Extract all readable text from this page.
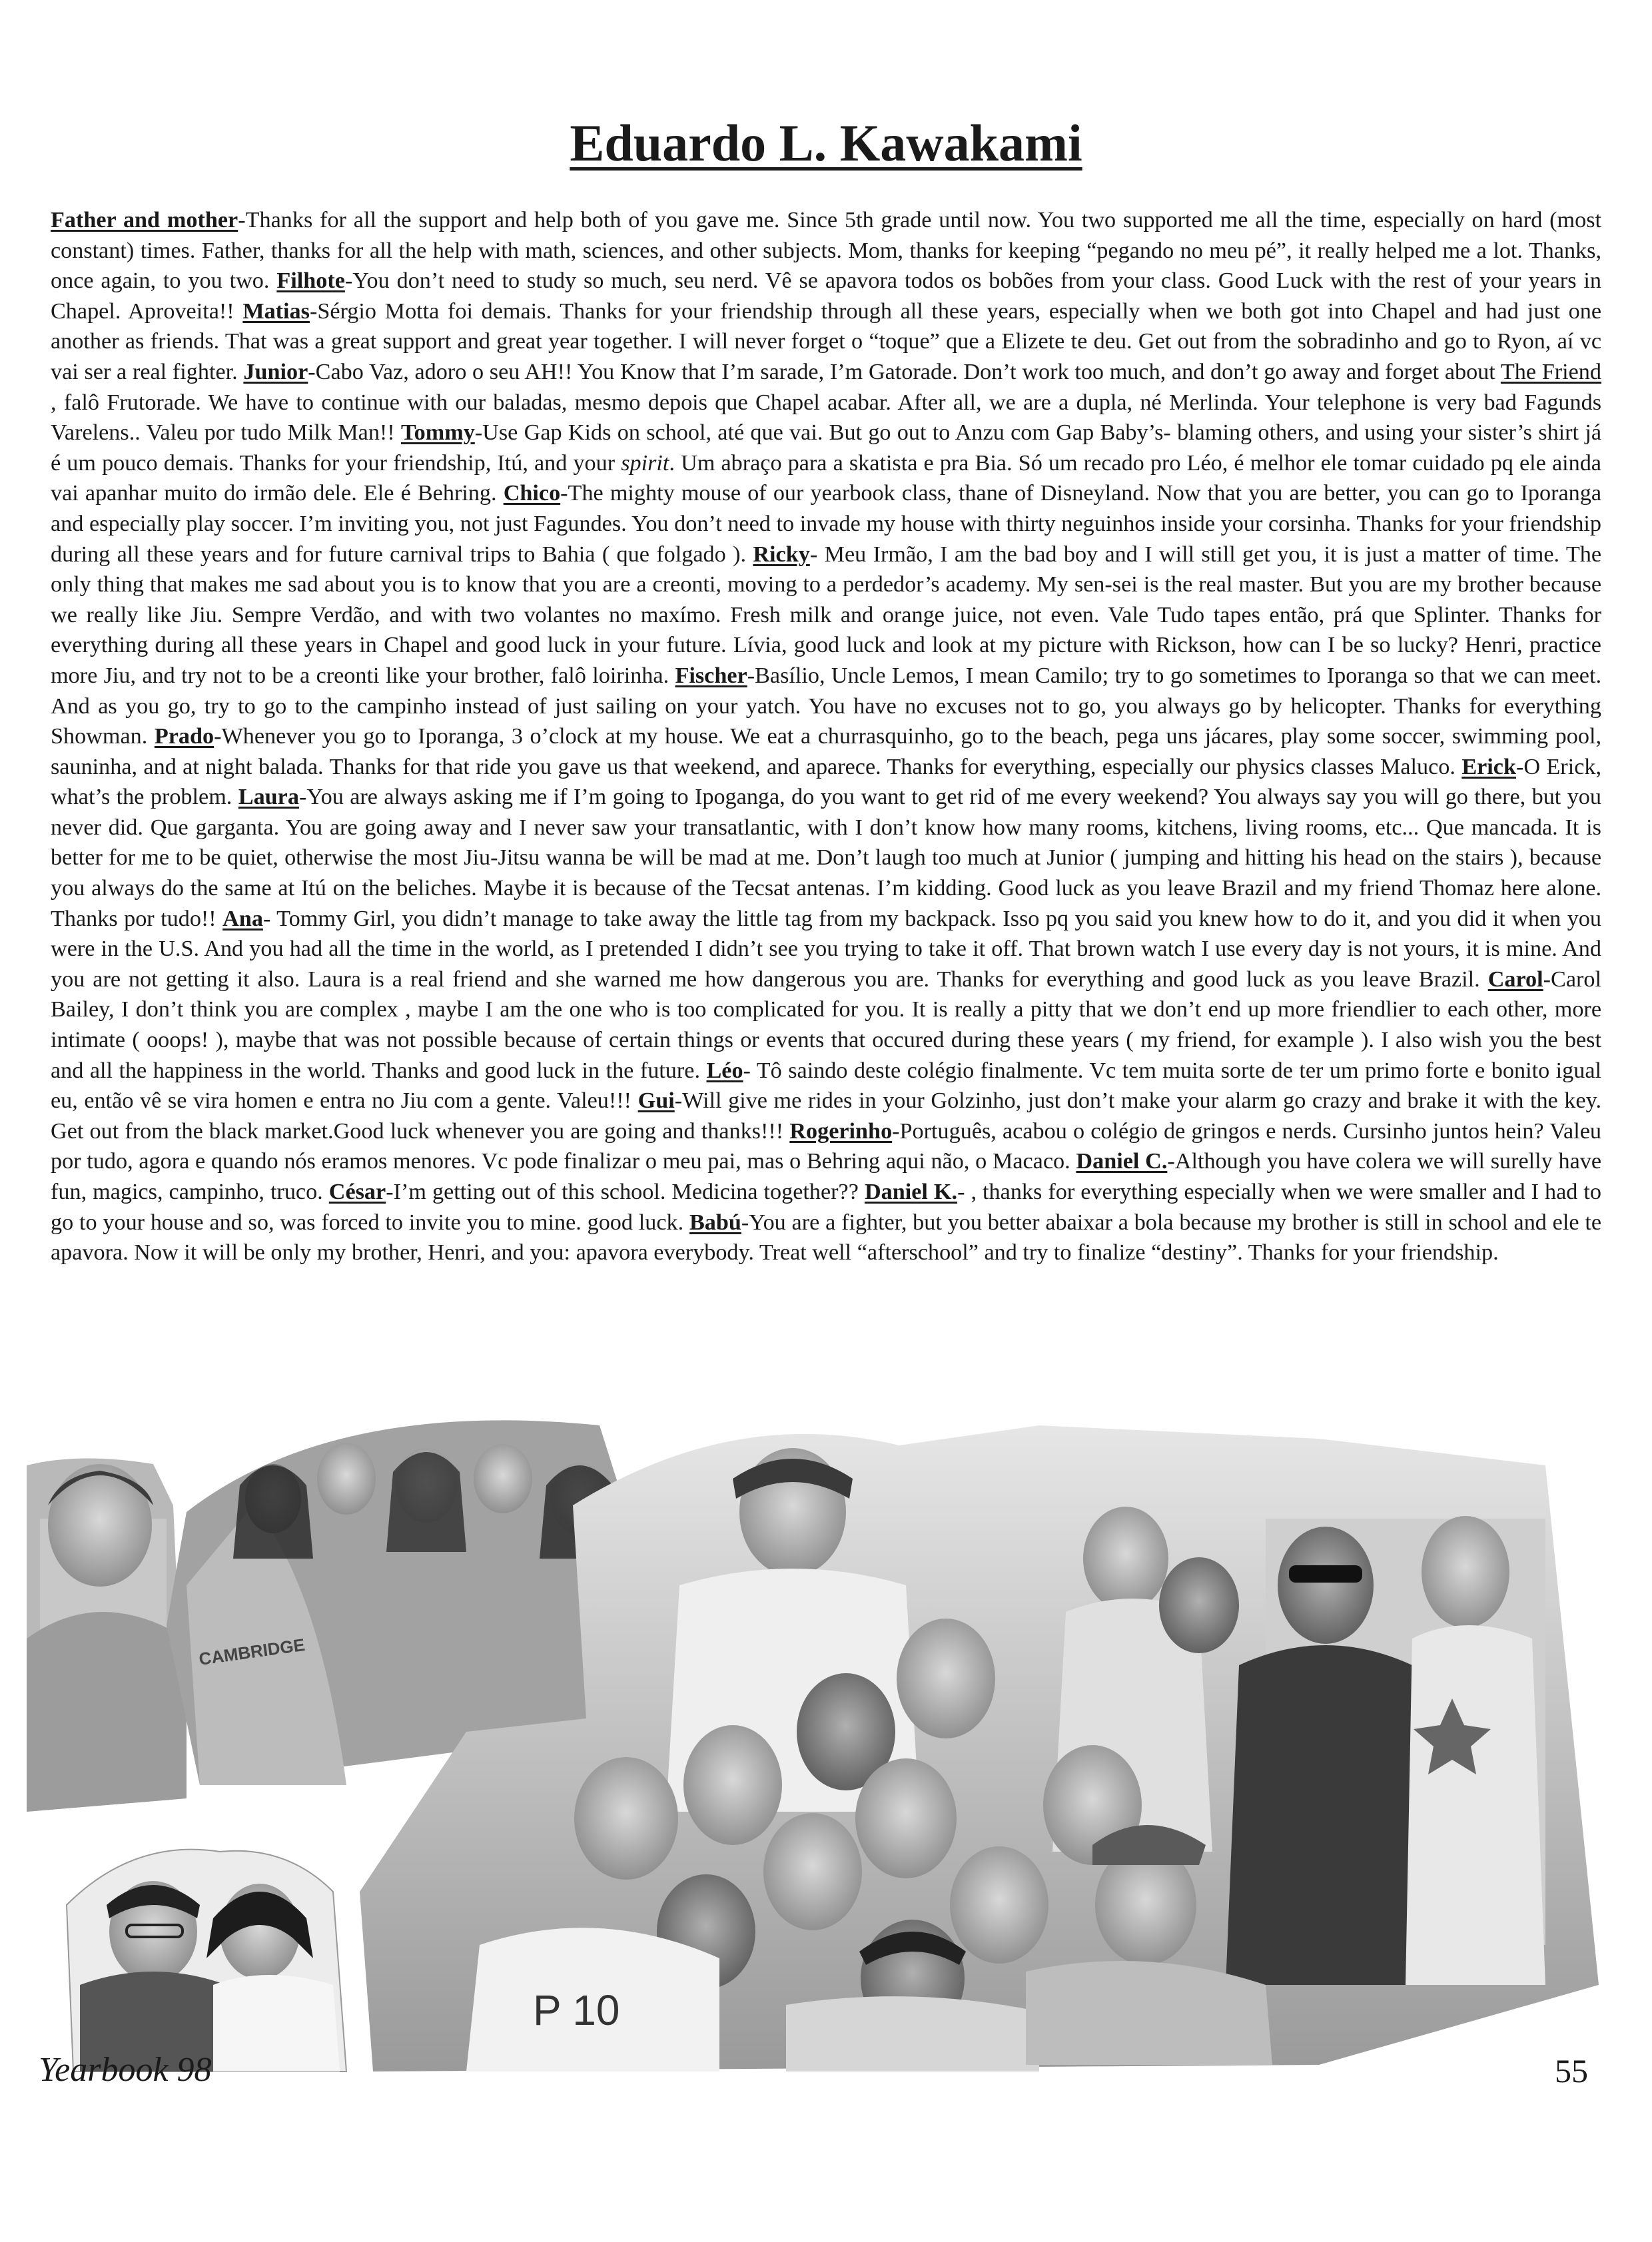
Eduardo L. Kawakami

Father and mother-Thanks for all the support and help both of you gave me. Since 5th grade until now. You two supported me all the time, especially on hard (most constant) times. Father, thanks for all the help with math, sciences, and other subjects. Mom, thanks for keeping “pegando no meu pé”, it really helped me a lot. Thanks, once again, to you two. Filhote-You don’t need to study so much, seu nerd. Vê se apavora todos os bobões from your class. Good Luck with the rest of your years in Chapel. Aproveita!! Matias-Sérgio Motta foi demais. Thanks for your friendship through all these years, especially when we both got into Chapel and had just one another as friends. That was a great support and great year together. I will never forget o “toque” que a Elizete te deu. Get out from the sobradinho and go to Ryon, aí vc vai ser a real fighter. Junior-Cabo Vaz, adoro o seu AH!! You Know that I’m sarade, I’m Gatorade. Don’t work too much, and don’t go away and forget about The Friend , falô Frutorade. We have to continue with our baladas, mesmo depois que Chapel acabar. After all, we are a dupla, né Merlinda. Your telephone is very bad Fagunds Varelens.. Valeu por tudo Milk Man!! Tommy-Use Gap Kids on school, até que vai. But go out to Anzu com Gap Baby’s- blaming others, and using your sister’s shirt já é um pouco demais. Thanks for your friendship, Itú, and your spirit. Um abraço para a skatista e pra Bia. Só um recado pro Léo, é melhor ele tomar cuidado pq ele ainda vai apanhar muito do irmão dele. Ele é Behring. Chico-The mighty mouse of our yearbook class, thane of Disneyland. Now that you are better, you can go to Iporanga and especially play soccer. I’m inviting you, not just Fagundes. You don’t need to invade my house with thirty neguinhos inside your corsinha. Thanks for your friendship during all these years and for future carnival trips to Bahia ( que folgado ). Ricky- Meu Irmão, I am the bad boy and I will still get you, it is just a matter of time. The only thing that makes me sad about you is to know that you are a creonti, moving to a perdedor’s academy. My sen-sei is the real master. But you are my brother because we really like Jiu. Sempre Verdão, and with two volantes no maxímo. Fresh milk and orange juice, not even. Vale Tudo tapes então, prá que Splinter. Thanks for everything during all these years in Chapel and good luck in your future. Lívia, good luck and look at my picture with Rickson, how can I be so lucky? Henri, practice more Jiu, and try not to be a creonti like your brother, falô loirinha. Fischer-Basílio, Uncle Lemos, I mean Camilo; try to go sometimes to Iporanga so that we can meet. And as you go, try to go to the campinho instead of just sailing on your yatch. You have no excuses not to go, you always go by helicopter. Thanks for everything Showman. Prado-Whenever you go to Iporanga, 3 o’clock at my house. We eat a churrasquinho, go to the beach, pega uns jácares, play some soccer, swimming pool, sauninha, and at night balada. Thanks for that ride you gave us that weekend, and aparece. Thanks for everything, especially our physics classes Maluco. Erick-O Erick, what’s the problem. Laura-You are always asking me if I’m going to Ipoganga, do you want to get rid of me every weekend? You always say you will go there, but you never did. Que garganta. You are going away and I never saw your transatlantic, with I don’t know how many rooms, kitchens, living rooms, etc... Que mancada. It is better for me to be quiet, otherwise the most Jiu-Jitsu wanna be will be mad at me. Don’t laugh too much at Junior ( jumping and hitting his head on the stairs ), because you always do the same at Itú on the beliches. Maybe it is because of the Tecsat antenas. I’m kidding. Good luck as you leave Brazil and my friend Thomaz here alone. Thanks por tudo!! Ana- Tommy Girl, you didn’t manage to take away the little tag from my backpack. Isso pq you said you knew how to do it, and you did it when you were in the U.S. And you had all the time in the world, as I pretended I didn’t see you trying to take it off. That brown watch I use every day is not yours, it is mine. And you are not getting it also. Laura is a real friend and she warned me how dangerous you are. Thanks for everything and good luck as you leave Brazil. Carol-Carol Bailey, I don’t think you are complex , maybe I am the one who is too complicated for you. It is really a pitty that we don’t end up more friendlier to each other, more intimate ( ooops! ), maybe that was not possible because of certain things or events that occured during these years ( my friend, for example ). I also wish you the best and all the happiness in the world. Thanks and good luck in the future. Léo- Tô saindo deste colégio finalmente. Vc tem muita sorte de ter um primo forte e bonito igual eu, então vê se vira homen e entra no Jiu com a gente. Valeu!!! Gui-Will give me rides in your Golzinho, just don’t make your alarm go crazy and brake it with the key. Get out from the black market.Good luck whenever you are going and thanks!!! Rogerinho-Português, acabou o colégio de gringos e nerds. Cursinho juntos hein? Valeu por tudo, agora e quando nós eramos menores. Vc pode finalizar o meu pai, mas o Behring aqui não, o Macaco. Daniel C.-Although you have colera we will surelly have fun, magics, campinho, truco. César-I’m getting out of this school. Medicina together?? Daniel K.- , thanks for everything especially when we were smaller and I had to go to your house and so, was forced to invite you to mine. good luck. Babú-You are a fighter, but you better abaixar a bola because my brother is still in school and ele te apavora. Now it will be only my brother, Henri, and you: apavora everybody. Treat well “afterschool” and try to finalize “destiny”. Thanks for your friendship.

CAMBRIDGE
P 10
Yearbook 98	55
